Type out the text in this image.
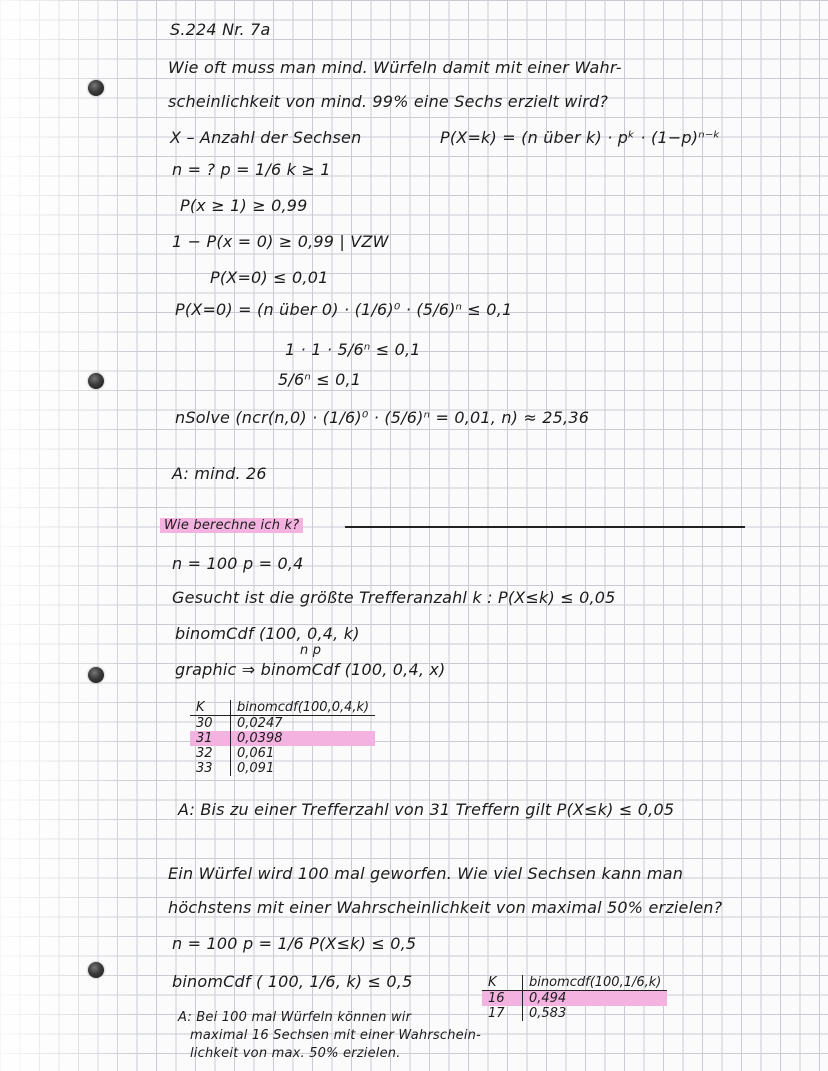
S.224 Nr. 7a
Wie oft muss man mind. Würfeln damit mit einer Wahr-
scheinlichkeit von mind. 99% eine Sechs erzielt wird?
X – Anzahl der Sechsen	P(X=k) = (n über k) · pᵏ · (1−p)ⁿ⁻ᵏ
n = ? p = 1/6 k ≥ 1
P(x ≥ 1) ≥ 0,99
1 − P(x = 0) ≥ 0,99 | VZW
P(X=0) ≤ 0,01
P(X=0) = (n über 0) · (1/6)⁰ · (5/6)ⁿ ≤ 0,1
1 · 1 · 5/6ⁿ ≤ 0,1
5/6ⁿ ≤ 0,1
nSolve (ncr(n,0) · (1/6)⁰ · (5/6)ⁿ = 0,01, n) ≈ 25,36
A: mind. 26
Wie berechne ich k?
n = 100 p = 0,4
Gesucht ist die größte Trefferanzahl k : P(X≤k) ≤ 0,05
binomCdf (100, 0,4, k)
n p
graphic ⇒ binomCdf (100, 0,4, x)
K	binomcdf(100,0,4,k)
30	0,0247
31	0,0398
32	0,061
33	0,091
A: Bis zu einer Trefferzahl von 31 Treffern gilt P(X≤k) ≤ 0,05
Ein Würfel wird 100 mal geworfen. Wie viel Sechsen kann man
höchstens mit einer Wahrscheinlichkeit von maximal 50% erzielen?
n = 100 p = 1/6 P(X≤k) ≤ 0,5
binomCdf ( 100, 1/6, k) ≤ 0,5
A: Bei 100 mal Würfeln können wir
maximal 16 Sechsen mit einer Wahrschein-
lichkeit von max. 50% erzielen.
K	binomcdf(100,1/6,k)
16	0,494
17	0,583
